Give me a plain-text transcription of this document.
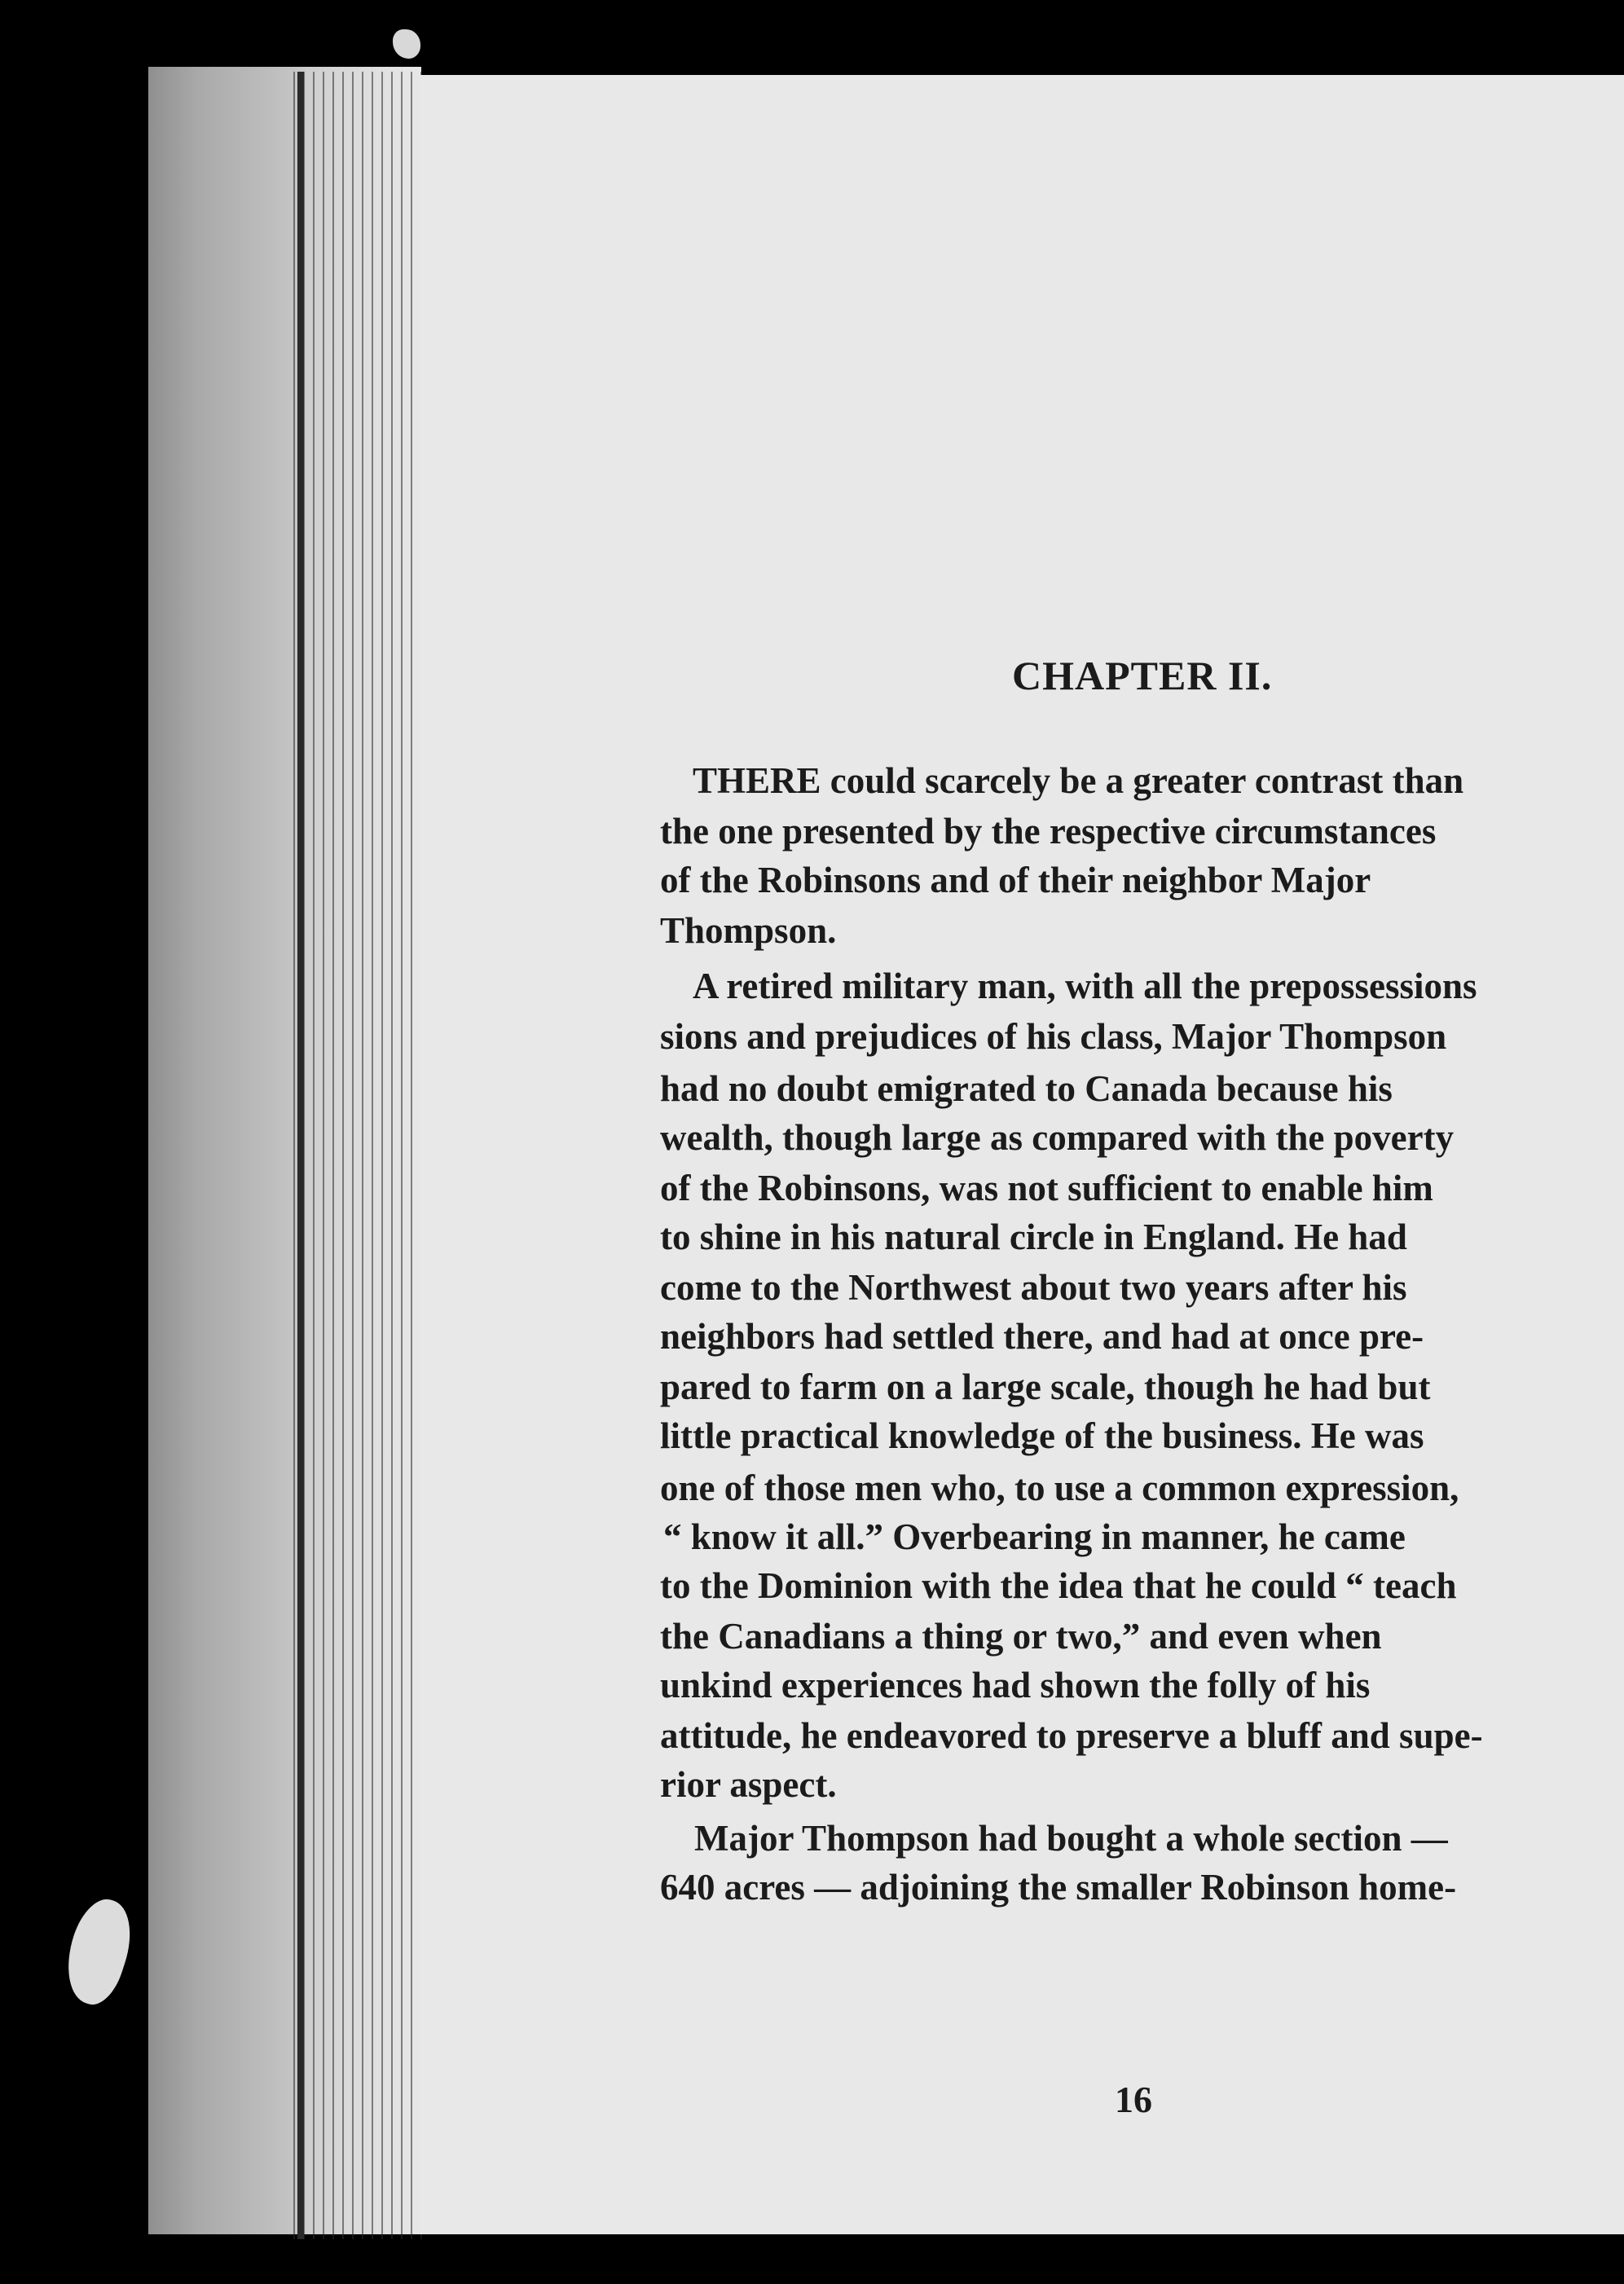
CHAPTER II.
THERE could scarcely be a greater contrast than
the one presented by the respective circumstances
of the Robinsons and of their neighbor Major
Thompson.
A retired military man, with all the prepossessions
sions and prejudices of his class, Major Thompson
had no doubt emigrated to Canada because his
wealth, though large as compared with the poverty
of the Robinsons, was not sufficient to enable him
to shine in his natural circle in England. He had
come to the Northwest about two years after his
neighbors had settled there, and had at once pre-
pared to farm on a large scale, though he had but
little practical knowledge of the business. He was
one of those men who, to use a common expression,
“ know it all.” Overbearing in manner, he came
to the Dominion with the idea that he could “ teach
the Canadians a thing or two,” and even when
unkind experiences had shown the folly of his
attitude, he endeavored to preserve a bluff and supe-
rior aspect.
Major Thompson had bought a whole section —
640 acres — adjoining the smaller Robinson home-
16
